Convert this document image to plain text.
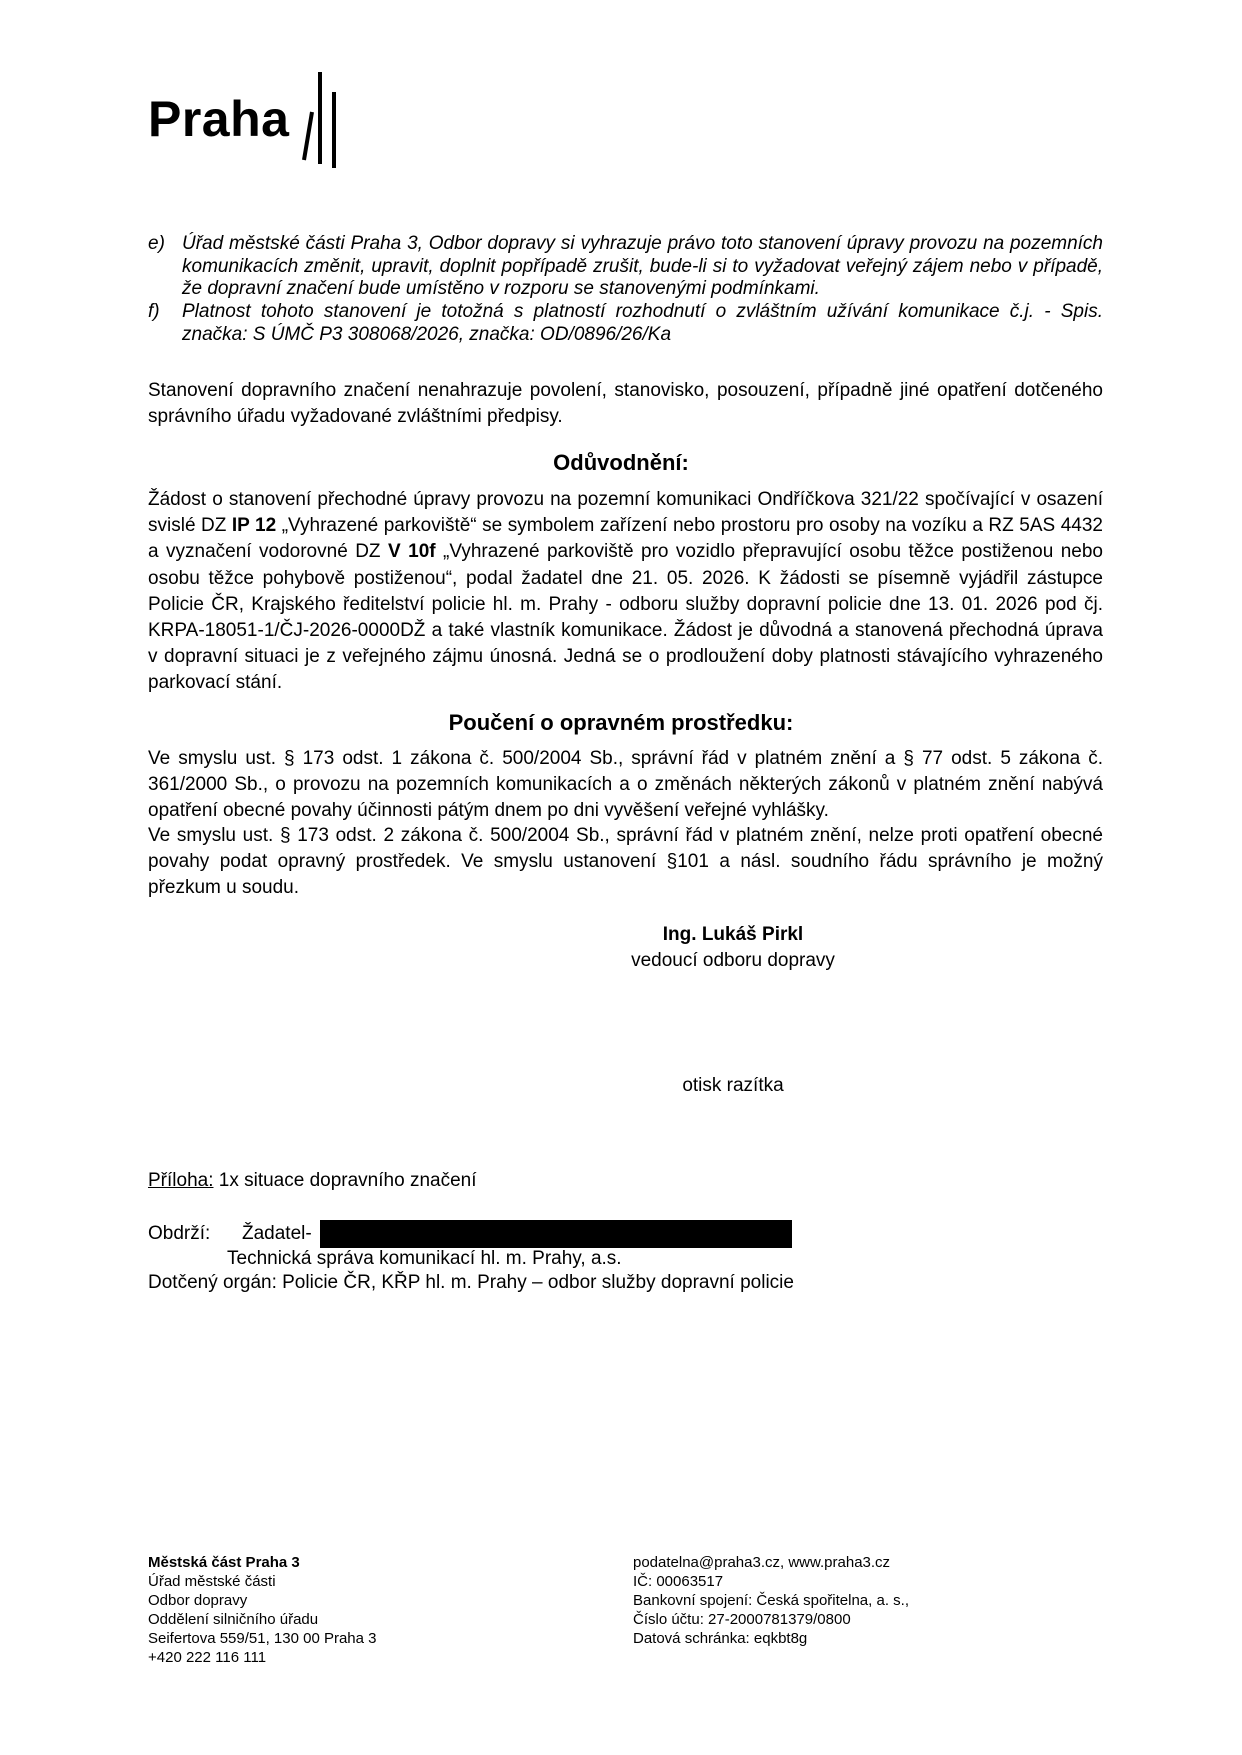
Praha
e) Úřad městské části Praha 3, Odbor dopravy si vyhrazuje právo toto stanovení úpravy provozu na pozemních komunikacích změnit, upravit, doplnit popřípadě zrušit, bude-li si to vyžadovat veřejný zájem nebo v případě, že dopravní značení bude umístěno v rozporu se stanovenými podmínkami.
f) Platnost tohoto stanovení je totožná s platností rozhodnutí o zvláštním užívání komunikace č.j. - Spis. značka: S ÚMČ P3 308068/2026, značka: OD/0896/26/Ka
Stanovení dopravního značení nenahrazuje povolení, stanovisko, posouzení, případně jiné opatření dotčeného správního úřadu vyžadované zvláštními předpisy.
Odůvodnění:
Žádost o stanovení přechodné úpravy provozu na pozemní komunikaci Ondříčkova 321/22 spočívající v osazení svislé DZ IP 12 „Vyhrazené parkoviště“ se symbolem zařízení nebo prostoru pro osoby na vozíku a RZ 5AS 4432 a vyznačení vodorovné DZ V 10f „Vyhrazené parkoviště pro vozidlo přepravující osobu těžce postiženou nebo osobu těžce pohybově postiženou“, podal žadatel dne 21. 05. 2026. K žádosti se písemně vyjádřil zástupce Policie ČR, Krajského ředitelství policie hl. m. Prahy - odboru služby dopravní policie dne 13. 01. 2026 pod čj. KRPA-18051-1/ČJ-2026-0000DŽ a také vlastník komunikace. Žádost je důvodná a stanovená přechodná úprava v dopravní situaci je z veřejného zájmu únosná. Jedná se o prodloužení doby platnosti stávajícího vyhrazeného parkovací stání.
Poučení o opravném prostředku:
Ve smyslu ust. § 173 odst. 1 zákona č. 500/2004 Sb., správní řád v platném znění a § 77 odst. 5 zákona č. 361/2000 Sb., o provozu na pozemních komunikacích a o změnách některých zákonů v platném znění nabývá opatření obecné povahy účinnosti pátým dnem po dni vyvěšení veřejné vyhlášky.
Ve smyslu ust. § 173 odst. 2 zákona č. 500/2004 Sb., správní řád v platném znění, nelze proti opatření obecné povahy podat opravný prostředek. Ve smyslu ustanovení §101 a násl. soudního řádu správního je možný přezkum u soudu.
Ing. Lukáš Pirkl
vedoucí odboru dopravy
otisk razítka
Příloha: 1x situace dopravního značení
Obdrží: Žadatel-
Technická správa komunikací hl. m. Prahy, a.s.
Dotčený orgán: Policie ČR, KŘP hl. m. Prahy – odbor služby dopravní policie
Městská část Praha 3
Úřad městské části
Odbor dopravy
Oddělení silničního úřadu
Seifertova 559/51, 130 00 Praha 3
+420 222 116 111
podatelna@praha3.cz, www.praha3.cz
IČ: 00063517
Bankovní spojení: Česká spořitelna, a. s.,
Číslo účtu: 27-2000781379/0800
Datová schránka: eqkbt8g
